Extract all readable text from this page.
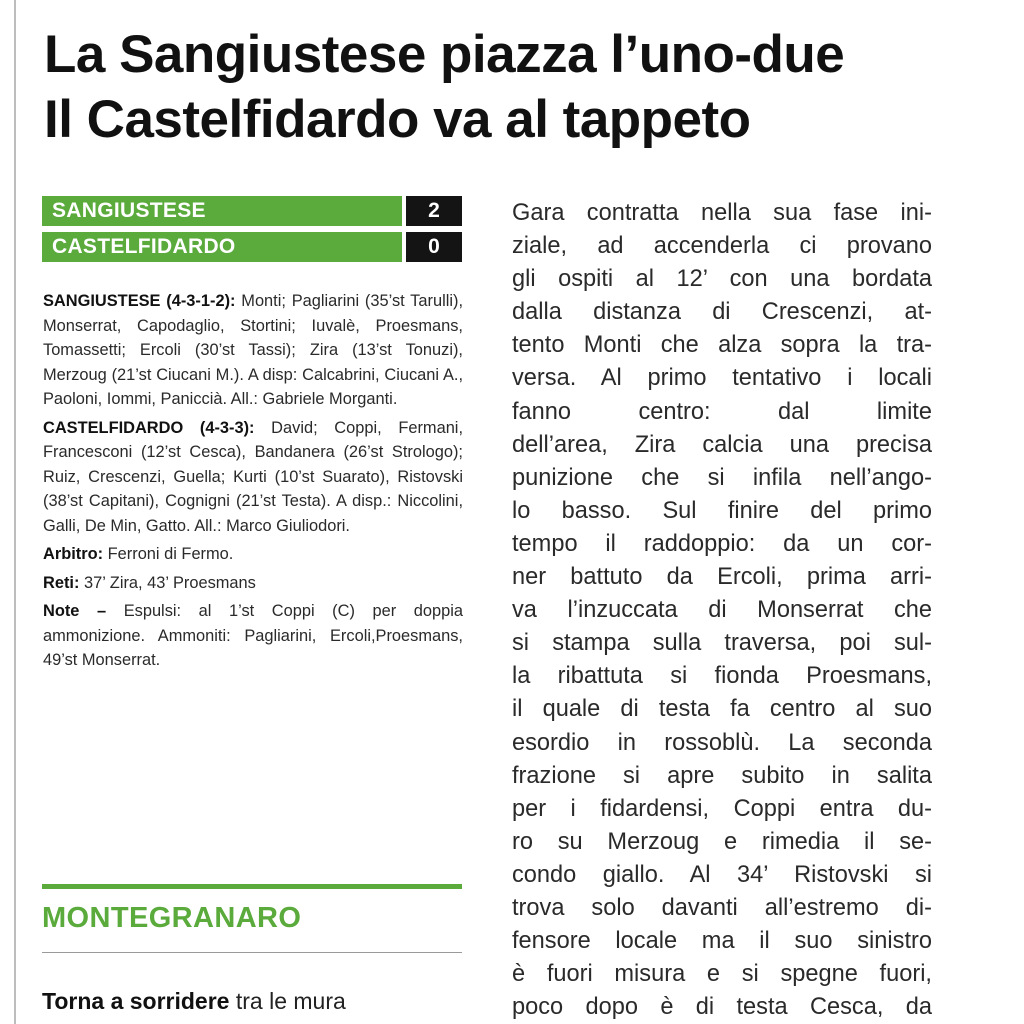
La Sangiustese piazza l’uno-due
Il Castelfidardo va al tappeto
SANGIUSTESE	2
CASTELFIDARDO	0

SANGIUSTESE (4-3-1-2): Monti; Pagliarini (35’st Tarulli), Monserrat, Capodaglio, Stortini; Iuvalè, Proesmans, Tomassetti; Ercoli (30’st Tassi); Zira (13’st Tonuzi), Merzoug (21’st Ciucani M.). A disp: Calcabrini, Ciucani A., Paoloni, Iommi, Paniccià. All.: Gabriele Morganti.

CASTELFIDARDO (4-3-3): David; Coppi, Fermani, Francesconi (12’st Cesca), Bandanera (26’st Strologo); Ruiz, Crescenzi, Guella; Kurti (10’st Suarato), Ristovski (38’st Capitani), Cognigni (21’st Testa). A disp.: Niccolini, Galli, De Min, Gatto. All.: Marco Giuliodori.

Arbitro: Ferroni di Fermo.

Reti: 37’ Zira, 43’ Proesmans

Note – Espulsi: al 1’st Coppi (C) per doppia ammonizione. Ammoniti: Pagliarini, Ercoli,Proesmans, 49’st Monserrat.

MONTEGRANARO

Torna a sorridere tra le mura

Gara contratta nella sua fase ini-
ziale, ad accenderla ci provano
gli ospiti al 12’ con una bordata
dalla distanza di Crescenzi, at-
tento Monti che alza sopra la tra-
versa. Al primo tentativo i locali
fanno centro: dal limite
dell’area, Zira calcia una precisa
punizione che si infila nell’ango-
lo basso. Sul finire del primo
tempo il raddoppio: da un cor-
ner battuto da Ercoli, prima arri-
va l’inzuccata di Monserrat che
si stampa sulla traversa, poi sul-
la ribattuta si fionda Proesmans,
il quale di testa fa centro al suo
esordio in rossoblù. La seconda
frazione si apre subito in salita
per i fidardensi, Coppi entra du-
ro su Merzoug e rimedia il se-
condo giallo. Al 34’ Ristovski si
trova solo davanti all’estremo di-
fensore locale ma il suo sinistro
è fuori misura e si spegne fuori,
poco dopo è di testa Cesca, da
